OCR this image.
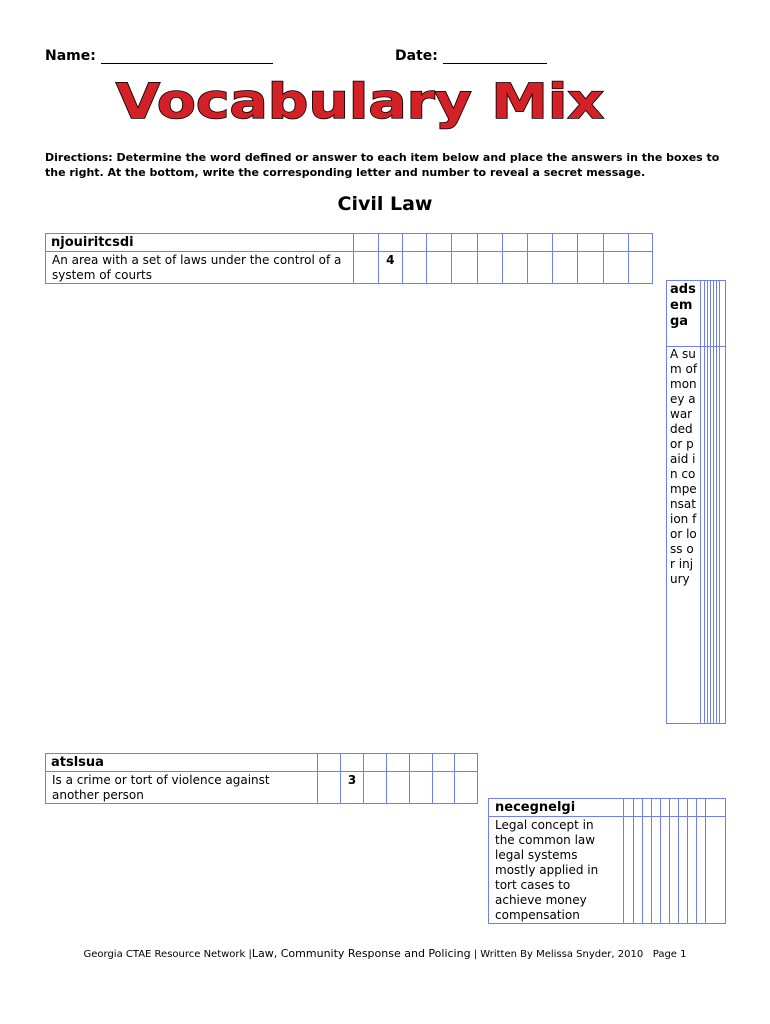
Name:	Date:
Vocabulary Mix
Directions: Determine the word defined or answer to each item below and place the answers in the boxes to the right. At the bottom, write the corresponding letter and number to reveal a secret message.
Civil Law
njouiritcsdi												
An area with a set of laws under the control of a system of courts		4										
adsemga							
A sum of money awarded or paid in compensation for loss or injury							
atslsua							
Is a crime or tort of violence against another person		3					
necegnelgi										
Legal concept in the common law legal systems mostly applied in tort cases to achieve money compensation										
Georgia CTAE Resource Network |Law, Community Response and Policing | Written By Melissa Snyder, 2010 Page 1
